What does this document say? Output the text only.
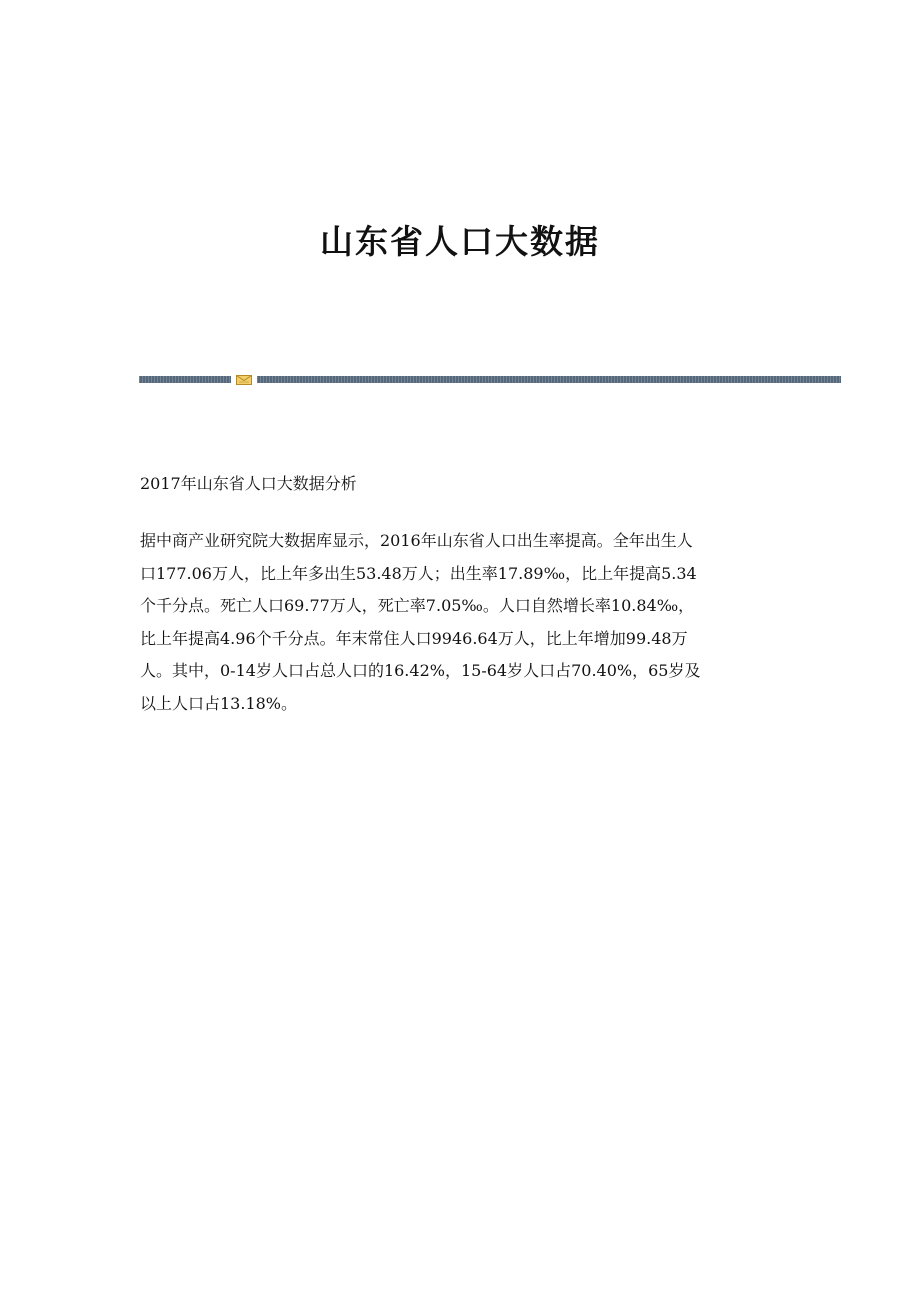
山东省人口大数据

2017年山东省人口大数据分析

据中商产业研究院大数据库显示，2016年山东省人口出生率提高。全年出生人
口177.06万人，比上年多出生53.48万人；出生率17.89‰，比上年提高5.34
个千分点。死亡人口69.77万人，死亡率7.05‰。人口自然增长率10.84‰，
比上年提高4.96个千分点。年末常住人口9946.64万人，比上年增加99.48万
人。其中，0-14岁人口占总人口的16.42%，15-64岁人口占70.40%，65岁及
以上人口占13.18%。
